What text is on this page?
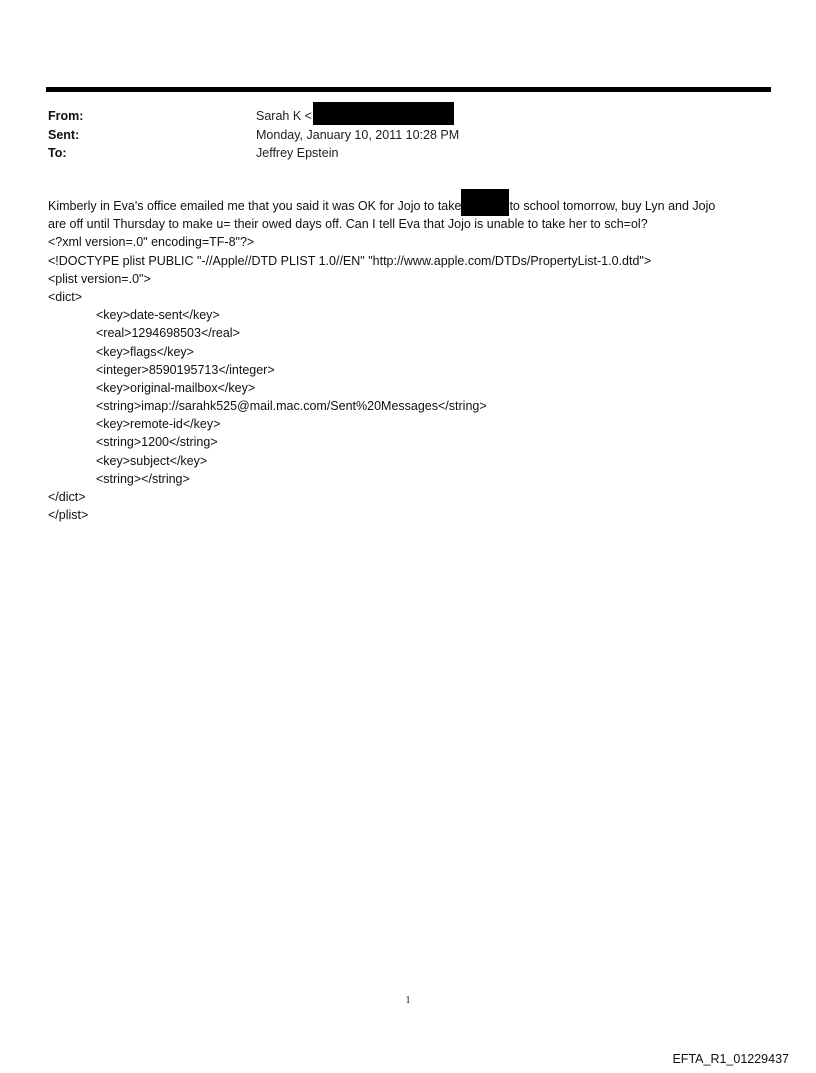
From:	Sarah K <
Sent:	Monday, January 10, 2011 10:28 PM
To:	Jeffrey Epstein
Kimberly in Eva's office emailed me that you said it was OK for Jojo to take	to school tomorrow, buy Lyn and Jojo
are off until Thursday to make u= their owed days off. Can I tell Eva that Jojo is unable to take her to sch=ol?
<?xml version=.0" encoding=TF-8"?>
<!DOCTYPE plist PUBLIC "-//Apple//DTD PLIST 1.0//EN" "http://www.apple.com/DTDs/PropertyList-1.0.dtd">
<plist version=.0">
<dict>
<key>date-sent</key>
<real>1294698503</real>
<key>flags</key>
<integer>8590195713</integer>
<key>original-mailbox</key>
<string>imap://sarahk525@mail.mac.com/Sent%20Messages</string>
<key>remote-id</key>
<string>1200</string>
<key>subject</key>
<string></string>
</dict>
</plist>
1
EFTA_R1_01229437
